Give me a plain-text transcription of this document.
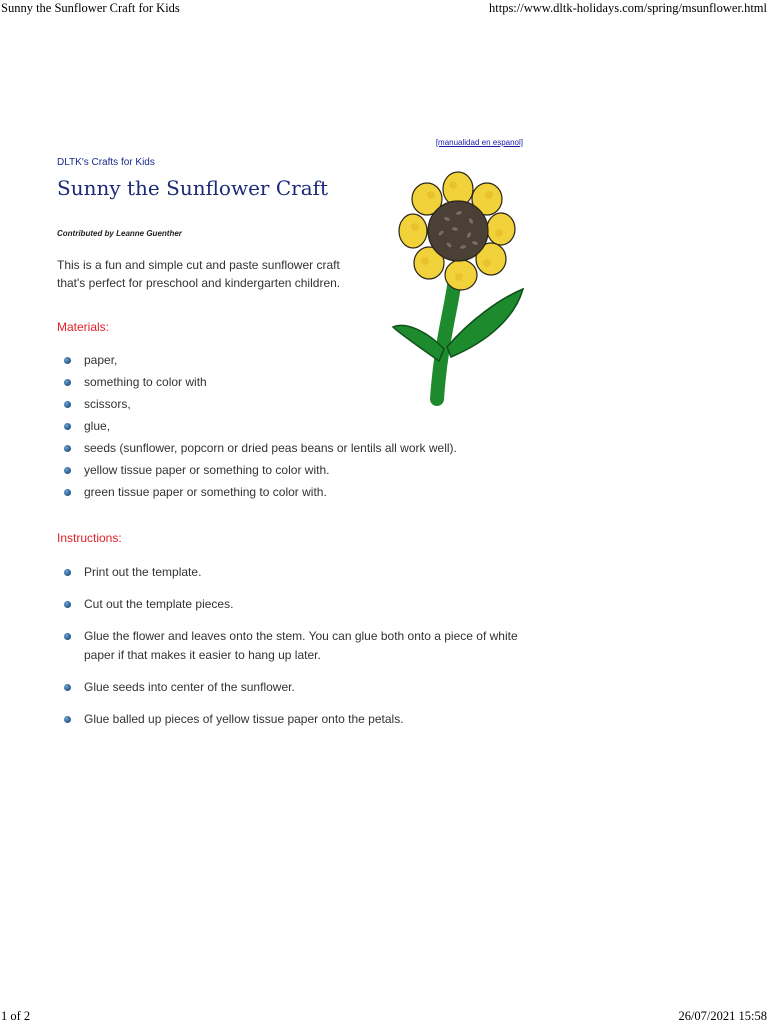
Sunny the Sunflower Craft for Kids	https://www.dltk-holidays.com/spring/msunflower.html
[manualidad en espanol]
DLTK's Crafts for Kids
Sunny the Sunflower Craft
Contributed by Leanne Guenther

This is a fun and simple cut and paste sunflower craft that's perfect for preschool and kindergarten children.

Materials:
paper,
something to color with
scissors,
glue,
seeds (sunflower, popcorn or dried peas beans or lentils all work well).
yellow tissue paper or something to color with.
green tissue paper or something to color with.
Instructions:
Print out the template.
Cut out the template pieces.
Glue the flower and leaves onto the stem. You can glue both onto a piece of white paper if that makes it easier to hang up later.
Glue seeds into center of the sunflower.
Glue balled up pieces of yellow tissue paper onto the petals.
1 of 2	26/07/2021 15:58
